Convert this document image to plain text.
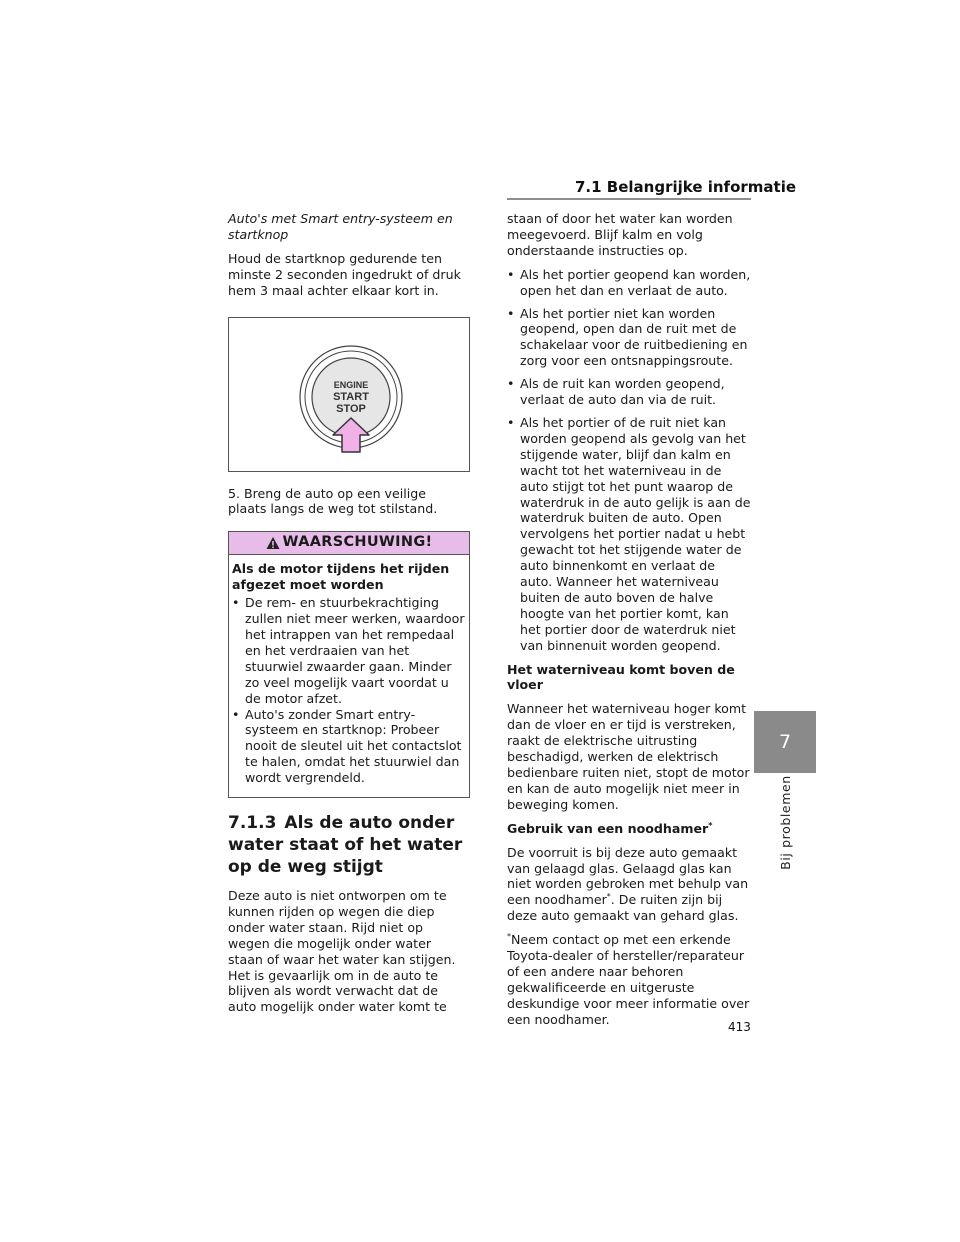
7.1 Belangrijke informatie

Auto's met Smart entry-systeem en startknop

Houd de startknop gedurende ten minste 2 seconden ingedrukt of druk hem 3 maal achter elkaar kort in.

ENGINE
START
STOP

5. Breng de auto op een veilige plaats langs de weg tot stilstand.

WAARSCHUWING!
Als de motor tijdens het rijden afgezet moet worden
• De rem- en stuurbekrachtiging zullen niet meer werken, waardoor het intrappen van het rempedaal en het verdraaien van het stuurwiel zwaarder gaan. Minder zo veel mogelijk vaart voordat u de motor afzet.
• Auto's zonder Smart entry-systeem en startknop: Probeer nooit de sleutel uit het contactslot te halen, omdat het stuurwiel dan wordt vergrendeld.
7.1.3 Als de auto onder water staat of het water op de weg stijgt

Deze auto is niet ontworpen om te kunnen rijden op wegen die diep onder water staan. Rijd niet op wegen die mogelijk onder water staan of waar het water kan stijgen. Het is gevaarlijk om in de auto te blijven als wordt verwacht dat de auto mogelijk onder water komt te

staan of door het water kan worden meegevoerd. Blijf kalm en volg onderstaande instructies op.

• Als het portier geopend kan worden, open het dan en verlaat de auto.
• Als het portier niet kan worden geopend, open dan de ruit met de schakelaar voor de ruitbediening en zorg voor een ontsnappingsroute.
• Als de ruit kan worden geopend, verlaat de auto dan via de ruit.
• Als het portier of de ruit niet kan worden geopend als gevolg van het stijgende water, blijf dan kalm en wacht tot het waterniveau in de auto stijgt tot het punt waarop de waterdruk in de auto gelijk is aan de waterdruk buiten de auto. Open vervolgens het portier nadat u hebt gewacht tot het stijgende water de auto binnenkomt en verlaat de auto. Wanneer het waterniveau buiten de auto boven de halve hoogte van het portier komt, kan het portier door de waterdruk niet van binnenuit worden geopend.

Het waterniveau komt boven de vloer

Wanneer het waterniveau hoger komt dan de vloer en er tijd is verstreken, raakt de elektrische uitrusting beschadigd, werken de elektrisch bedienbare ruiten niet, stopt de motor en kan de auto mogelijk niet meer in beweging komen.

Gebruik van een noodhamer*

De voorruit is bij deze auto gemaakt van gelaagd glas. Gelaagd glas kan niet worden gebroken met behulp van een noodhamer*. De ruiten zijn bij deze auto gemaakt van gehard glas.

*Neem contact op met een erkende Toyota-dealer of hersteller/reparateur of een andere naar behoren gekwalificeerde en uitgeruste deskundige voor meer informatie over een noodhamer.

7
Bij problemen
413
